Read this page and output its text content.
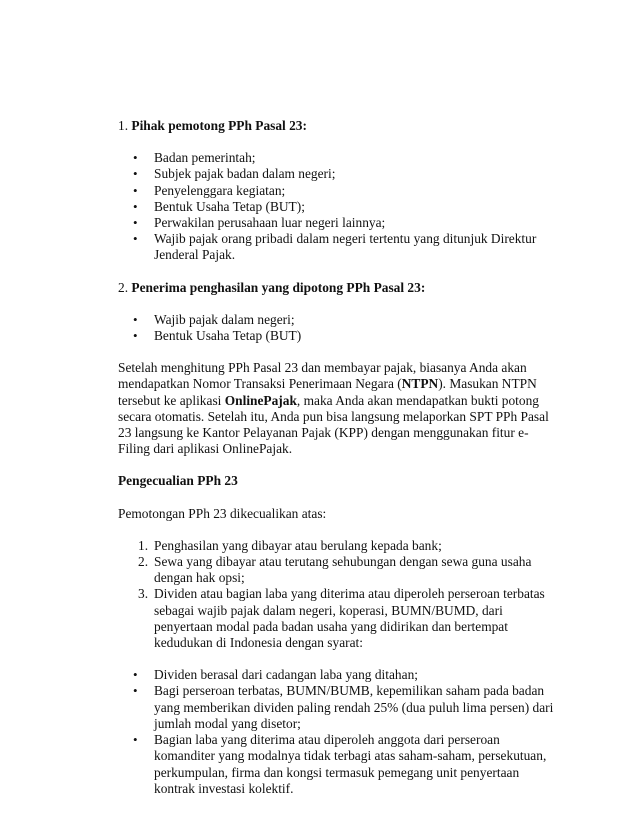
1. Pihak pemotong PPh Pasal 23:

• Badan pemerintah;
• Subjek pajak badan dalam negeri;
• Penyelenggara kegiatan;
• Bentuk Usaha Tetap (BUT);
• Perwakilan perusahaan luar negeri lainnya;
• Wajib pajak orang pribadi dalam negeri tertentu yang ditunjuk Direktur Jenderal Pajak.

2. Penerima penghasilan yang dipotong PPh Pasal 23:

• Wajib pajak dalam negeri;
• Bentuk Usaha Tetap (BUT)

Setelah menghitung PPh Pasal 23 dan membayar pajak, biasanya Anda akan mendapatkan Nomor Transaksi Penerimaan Negara (NTPN). Masukan NTPN tersebut ke aplikasi OnlinePajak, maka Anda akan mendapatkan bukti potong secara otomatis. Setelah itu, Anda pun bisa langsung melaporkan SPT PPh Pasal 23 langsung ke Kantor Pelayanan Pajak (KPP) dengan menggunakan fitur e-Filing dari aplikasi OnlinePajak.

Pengecualian PPh 23

Pemotongan PPh 23 dikecualikan atas:

1. Penghasilan yang dibayar atau berulang kepada bank;
2. Sewa yang dibayar atau terutang sehubungan dengan sewa guna usaha dengan hak opsi;
3. Dividen atau bagian laba yang diterima atau diperoleh perseroan terbatas sebagai wajib pajak dalam negeri, koperasi, BUMN/BUMD, dari penyertaan modal pada badan usaha yang didirikan dan bertempat kedudukan di Indonesia dengan syarat:
• Dividen berasal dari cadangan laba yang ditahan;
• Bagi perseroan terbatas, BUMN/BUMB, kepemilikan saham pada badan yang memberikan dividen paling rendah 25% (dua puluh lima persen) dari jumlah modal yang disetor;
• Bagian laba yang diterima atau diperoleh anggota dari perseroan komanditer yang modalnya tidak terbagi atas saham-saham, persekutuan, perkumpulan, firma dan kongsi termasuk pemegang unit penyertaan kontrak investasi kolektif.
